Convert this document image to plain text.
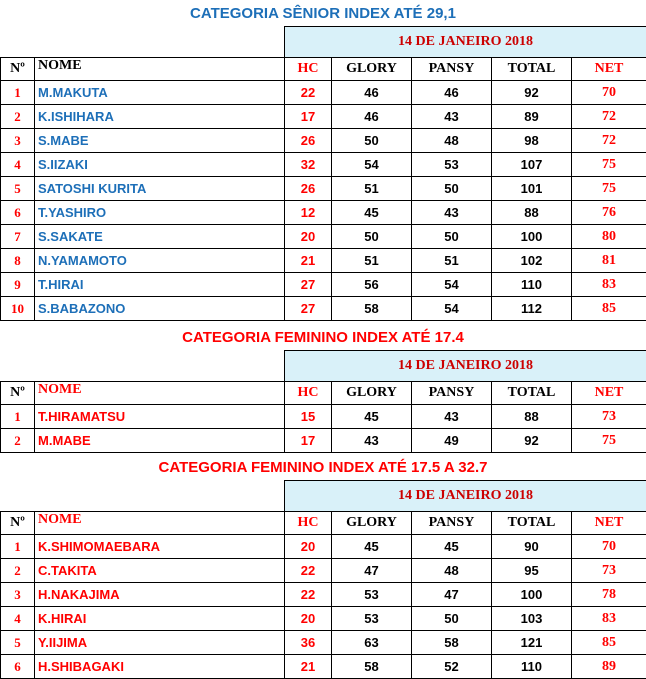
CATEGORIA SÊNIOR INDEX ATÉ 29,1
		14 DE JANEIRO 2018				
Nº	NOME	HC	GLORY	PANSY	TOTAL	NET
1	M.MAKUTA	22	46	46	92	70
2	K.ISHIHARA	17	46	43	89	72
3	S.MABE	26	50	48	98	72
4	S.IIZAKI	32	54	53	107	75
5	SATOSHI KURITA	26	51	50	101	75
6	T.YASHIRO	12	45	43	88	76
7	S.SAKATE	20	50	50	100	80
8	N.YAMAMOTO	21	51	51	102	81
9	T.HIRAI	27	56	54	110	83
10	S.BABAZONO	27	58	54	112	85
CATEGORIA FEMININO INDEX ATÉ 17.4
		14 DE JANEIRO 2018				
Nº	NOME	HC	GLORY	PANSY	TOTAL	NET
1	T.HIRAMATSU	15	45	43	88	73
2	M.MABE	17	43	49	92	75
CATEGORIA FEMININO INDEX ATÉ 17.5 A 32.7
		14 DE JANEIRO 2018				
Nº	NOME	HC	GLORY	PANSY	TOTAL	NET
1	K.SHIMOMAEBARA	20	45	45	90	70
2	C.TAKITA	22	47	48	95	73
3	H.NAKAJIMA	22	53	47	100	78
4	K.HIRAI	20	53	50	103	83
5	Y.IIJIMA	36	63	58	121	85
6	H.SHIBAGAKI	21	58	52	110	89
